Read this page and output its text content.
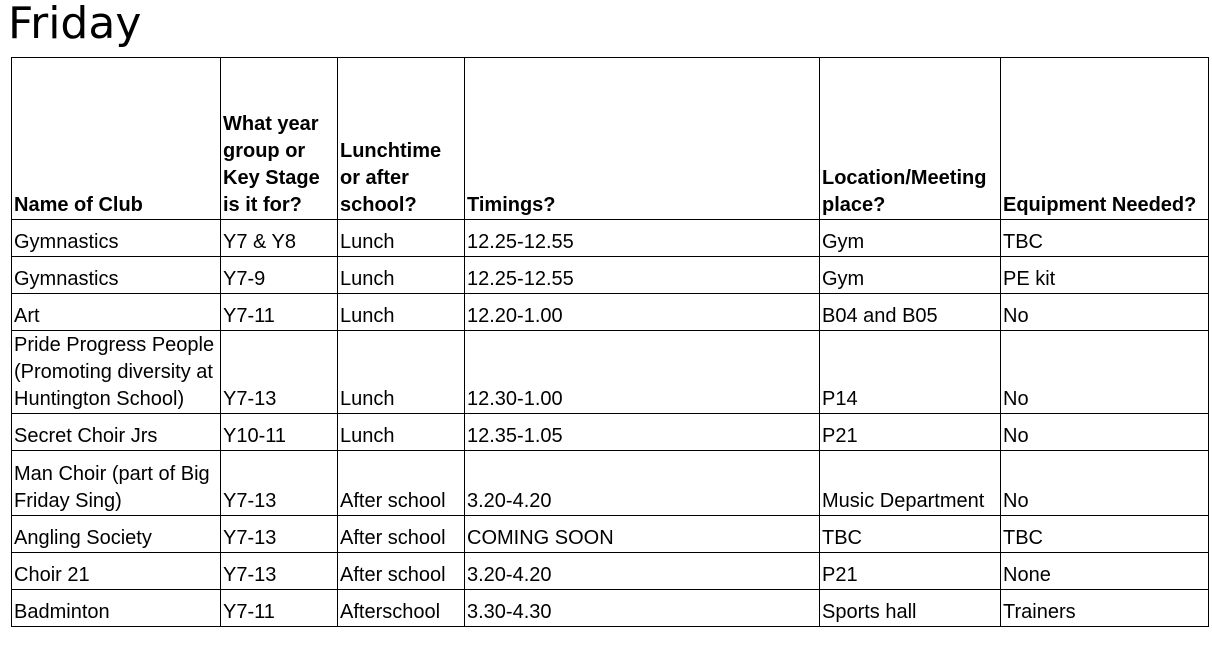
Friday
Name of Club	What year group or Key Stage is it for?	Lunchtime or after school?	Timings?	Location/Meeting place?	Equipment Needed?
Gymnastics	Y7 & Y8	Lunch	12.25-12.55	Gym	TBC
Gymnastics	Y7-9	Lunch	12.25-12.55	Gym	PE kit
Art	Y7-11	Lunch	12.20-1.00	B04 and B05	No
Pride Progress People (Promoting diversity at Huntington School)	Y7-13	Lunch	12.30-1.00	P14	No
Secret Choir Jrs	Y10-11	Lunch	12.35-1.05	P21	No
Man Choir (part of Big Friday Sing)	Y7-13	After school	3.20-4.20	Music Department	No
Angling Society	Y7-13	After school	COMING SOON	TBC	TBC
Choir 21	Y7-13	After school	3.20-4.20	P21	None
Badminton	Y7-11	Afterschool	3.30-4.30	Sports hall	Trainers
